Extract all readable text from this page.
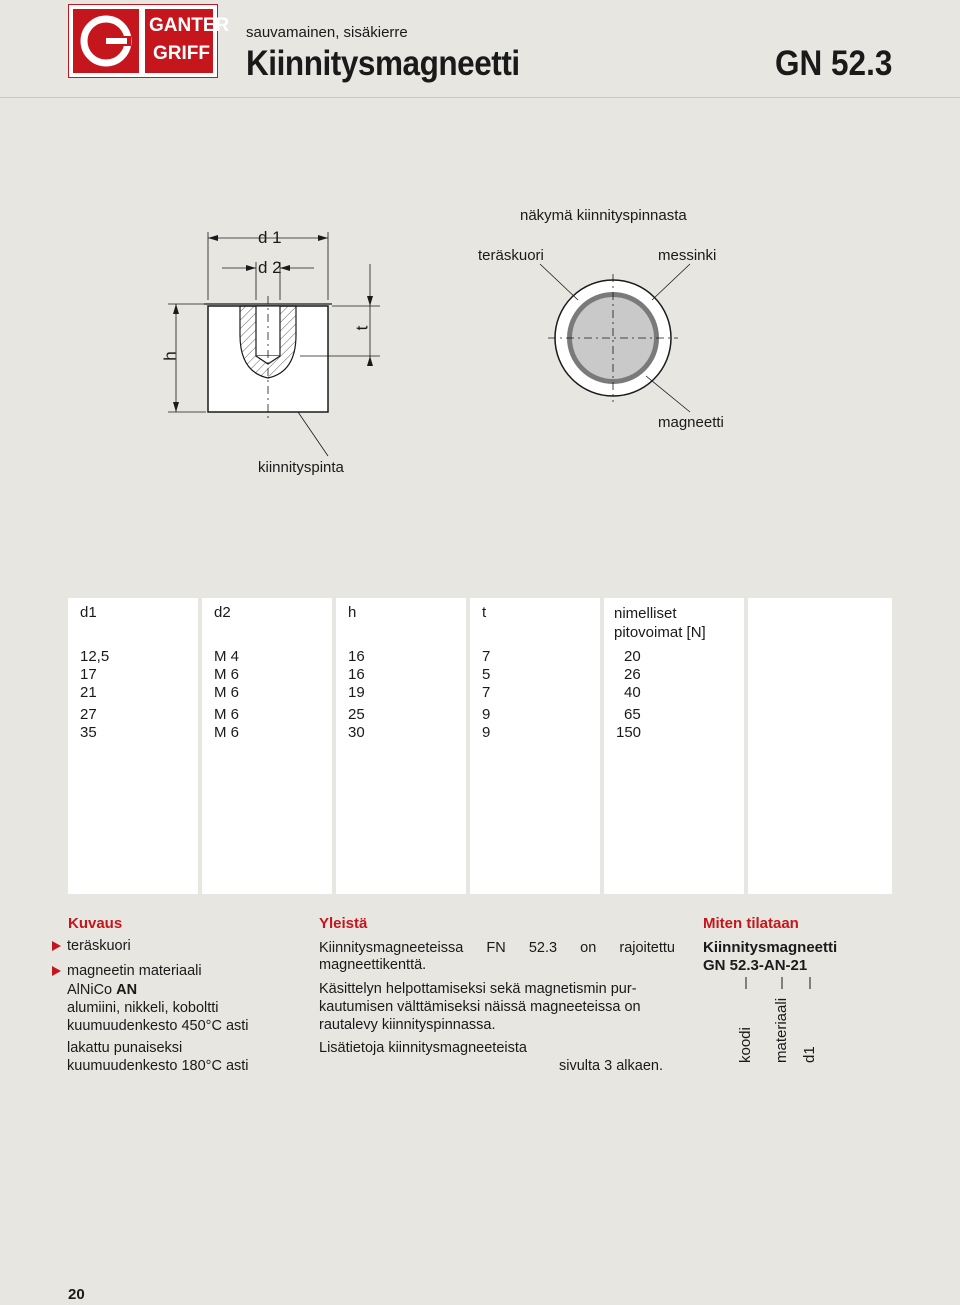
GANTER
GRIFF
sauvamainen, sisäkierre
Kiinnitysmagneetti	GN 52.3
d 1
d 2
h
t
näkymä kiinnityspinnasta
teräskuori	messinki
magneetti
kiinnityspinta
d1	d2	h	t	nimelliset pitovoimat [N]
12,5	M 4	16	7	20
17	M 6	16	5	26
21	M 6	19	7	40
27	M 6	25	9	65
35	M 6	30	9	150
Kuvaus
teräskuori
magneetin materiaali
AlNiCo AN
alumiini, nikkeli, koboltti
kuumuudenkesto 450°C asti
lakattu punaiseksi
kuumuudenkesto 180°C asti
Yleistä
Kiinnitysmagneeteissa FN 52.3 on rajoitettu
magneettikenttä.
Käsittelyn helpottamiseksi sekä magnetismin pur-
kautumisen välttämiseksi näissä magneeteissa on
rautalevy kiinnityspinnassa.
Lisätietoja kiinnitysmagneeteista
sivulta 3 alkaen.
Miten tilataan
Kiinnitysmagneetti
GN 52.3-AN-21
koodi materiaali d1
20
